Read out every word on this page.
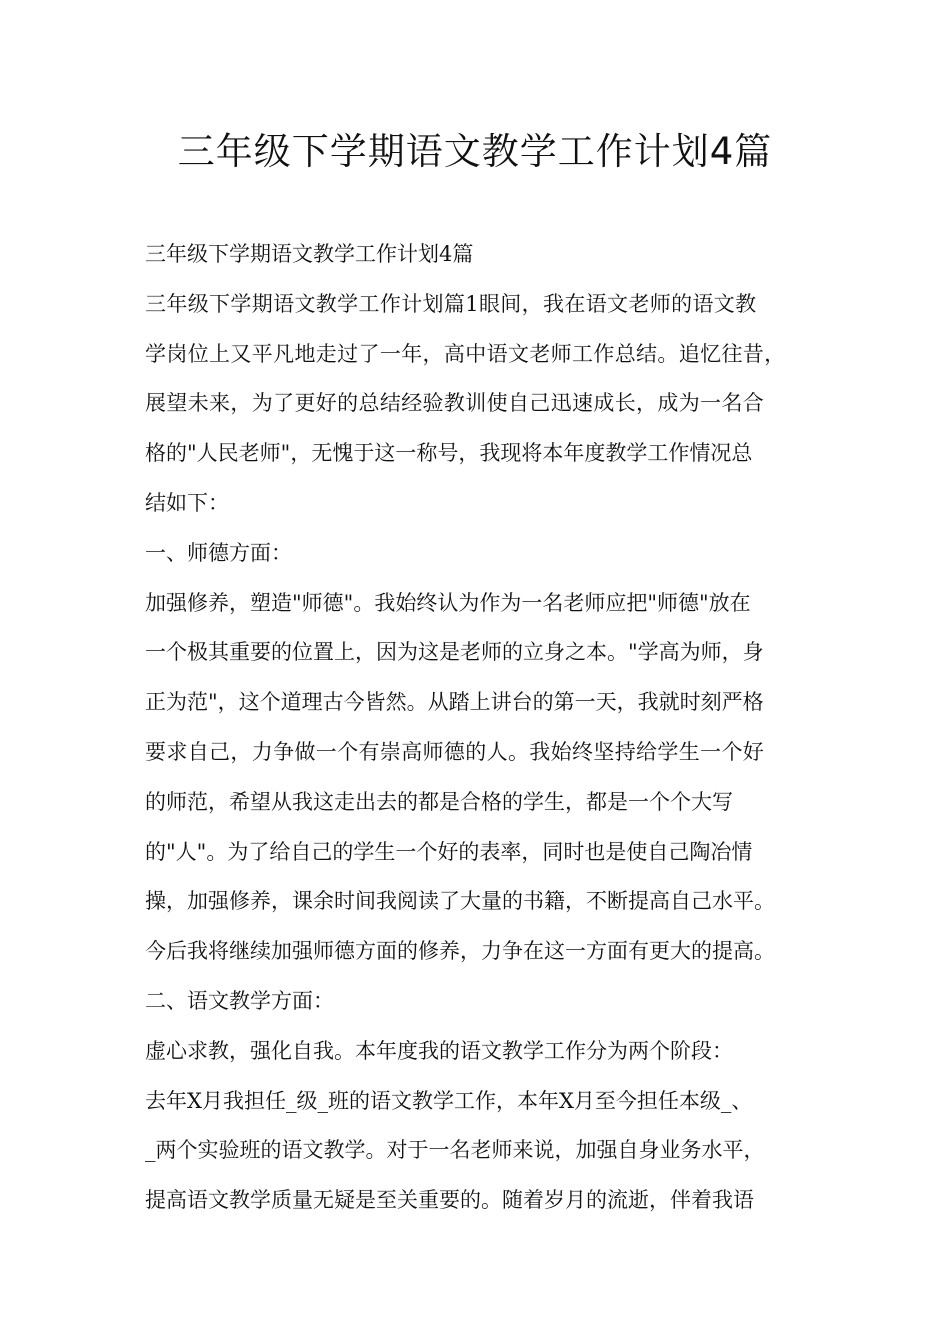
三年级下学期语文教学工作计划4篇
三年级下学期语文教学工作计划4篇
三年级下学期语文教学工作计划篇1眼间，我在语文老师的语文教
学岗位上又平凡地走过了一年，高中语文老师工作总结。追忆往昔，
展望未来，为了更好的总结经验教训使自己迅速成长，成为一名合
格的"人民老师"，无愧于这一称号，我现将本年度教学工作情况总
结如下：
一、师德方面：
加强修养，塑造"师德"。我始终认为作为一名老师应把"师德"放在
一个极其重要的位置上，因为这是老师的立身之本。"学高为师，身
正为范"，这个道理古今皆然。从踏上讲台的第一天，我就时刻严格
要求自己，力争做一个有崇高师德的人。我始终坚持给学生一个好
的师范，希望从我这走出去的都是合格的学生，都是一个个大写
的"人"。为了给自己的学生一个好的表率，同时也是使自己陶冶情
操，加强修养，课余时间我阅读了大量的书籍，不断提高自己水平。
今后我将继续加强师德方面的修养，力争在这一方面有更大的提高。
二、语文教学方面：
虚心求教，强化自我。本年度我的语文教学工作分为两个阶段：
去年X月我担任_级_班的语文教学工作，本年X月至今担任本级_、
_两个实验班的语文教学。对于一名老师来说，加强自身业务水平，
提高语文教学质量无疑是至关重要的。随着岁月的流逝，伴着我语
